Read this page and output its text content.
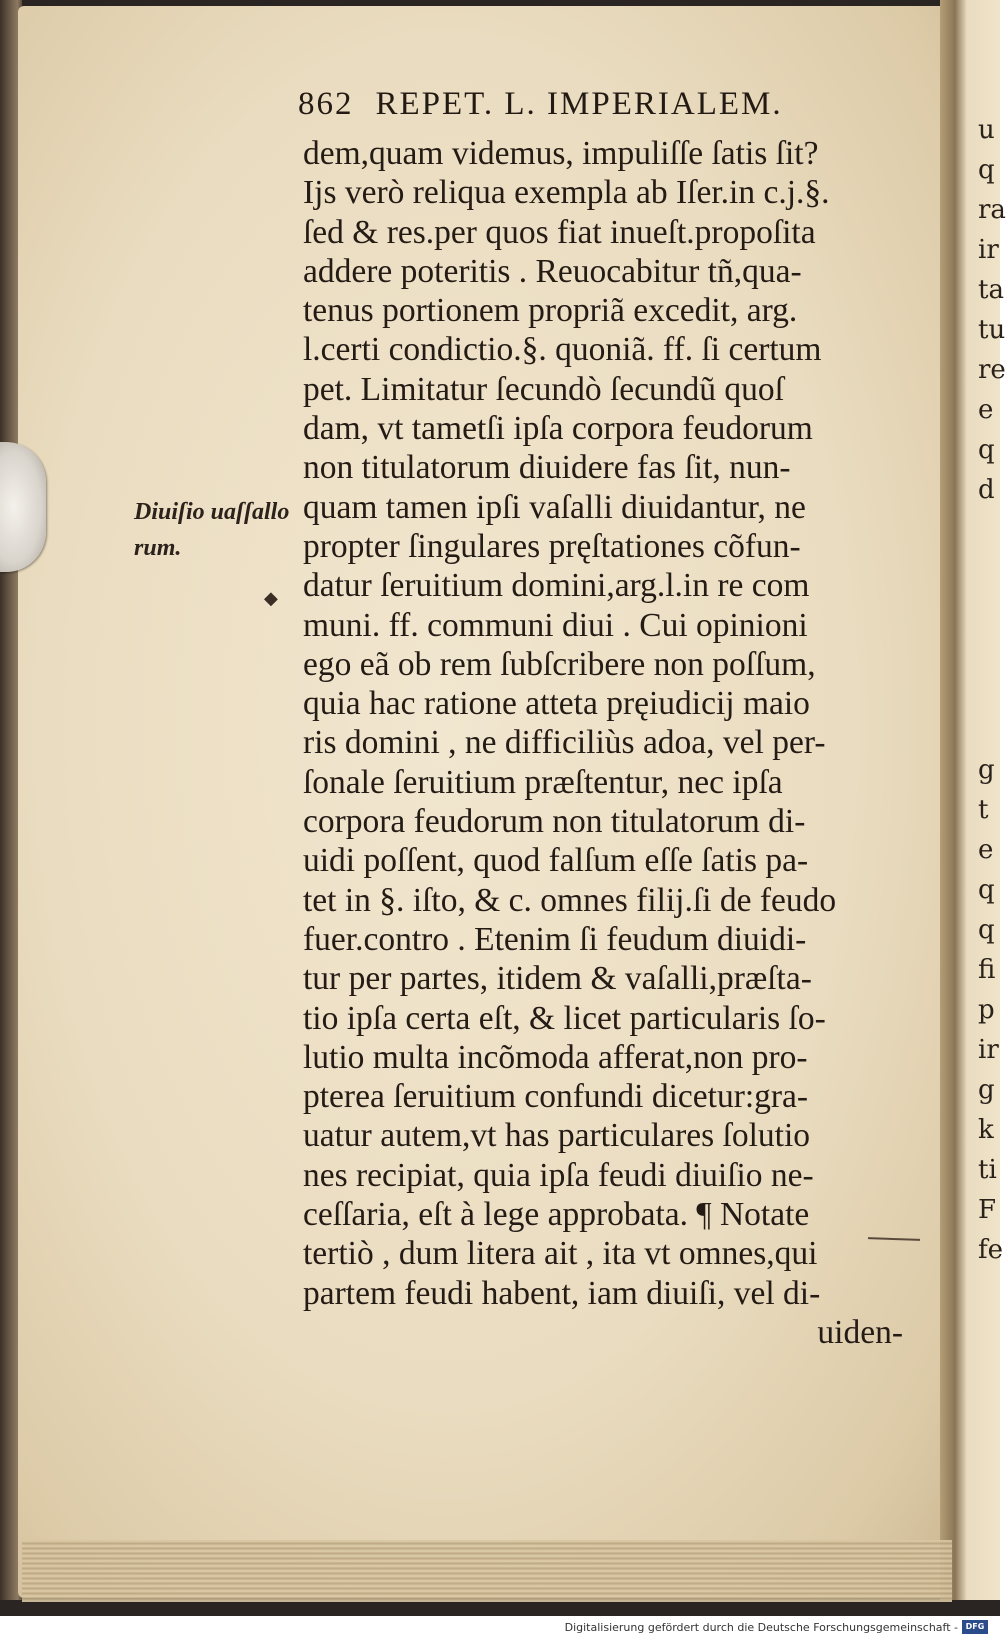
u
q
ra
ir
ta
tu
re
e
q
d
g
t
e
q
q
fi
p
ir
g
k
ti
F
fe
862 REPET. L. IMPERIALEM.
Diuiſio uaſſallo
rum.
◆
dem,quam videmus, impuliſſe ſatis ſit?
Ijs verò reliqua exempla ab Iſer.in c.j.§.
ſed & res.per quos fiat inueſt.propoſita
addere poteritis . Reuocabitur tñ,qua-
tenus portionem propriã excedit, arg.
l.certi condictio.§. quoniã. ff. ſi certum
pet. Limitatur ſecundò ſecundũ quoſ
dam, vt tametſi ipſa corpora feudorum
non titulatorum diuidere fas ſit, nun-
quam tamen ipſi vaſalli diuidantur, ne
propter ſingulares pręſtationes cõfun-
datur ſeruitium domini,arg.l.in re com
muni. ff. communi diui . Cui opinioni
ego eã ob rem ſubſcribere non poſſum,
quia hac ratione atteta pręiudicij maio
ris domini , ne difficiliùs adoa, vel per-
ſonale ſeruitium præſtentur, nec ipſa
corpora feudorum non titulatorum di-
uidi poſſent, quod falſum eſſe ſatis pa-
tet in §. iſto, & c. omnes filij.ſi de feudo
fuer.contro . Etenim ſi feudum diuidi-
tur per partes, itidem & vaſalli,præſta-
tio ipſa certa eſt, & licet particularis ſo-
lutio multa incõmoda afferat,non pro-
pterea ſeruitium confundi dicetur:gra-
uatur autem,vt has particulares ſolutio
nes recipiat, quia ipſa feudi diuiſio ne-
ceſſaria, eſt à lege approbata. ¶ Notate
tertiò , dum litera ait , ita vt omnes,qui
partem feudi habent, iam diuiſi, vel di-
uiden-
Digitalisierung gefördert durch die Deutsche Forschungsgemeinschaft - DFG
